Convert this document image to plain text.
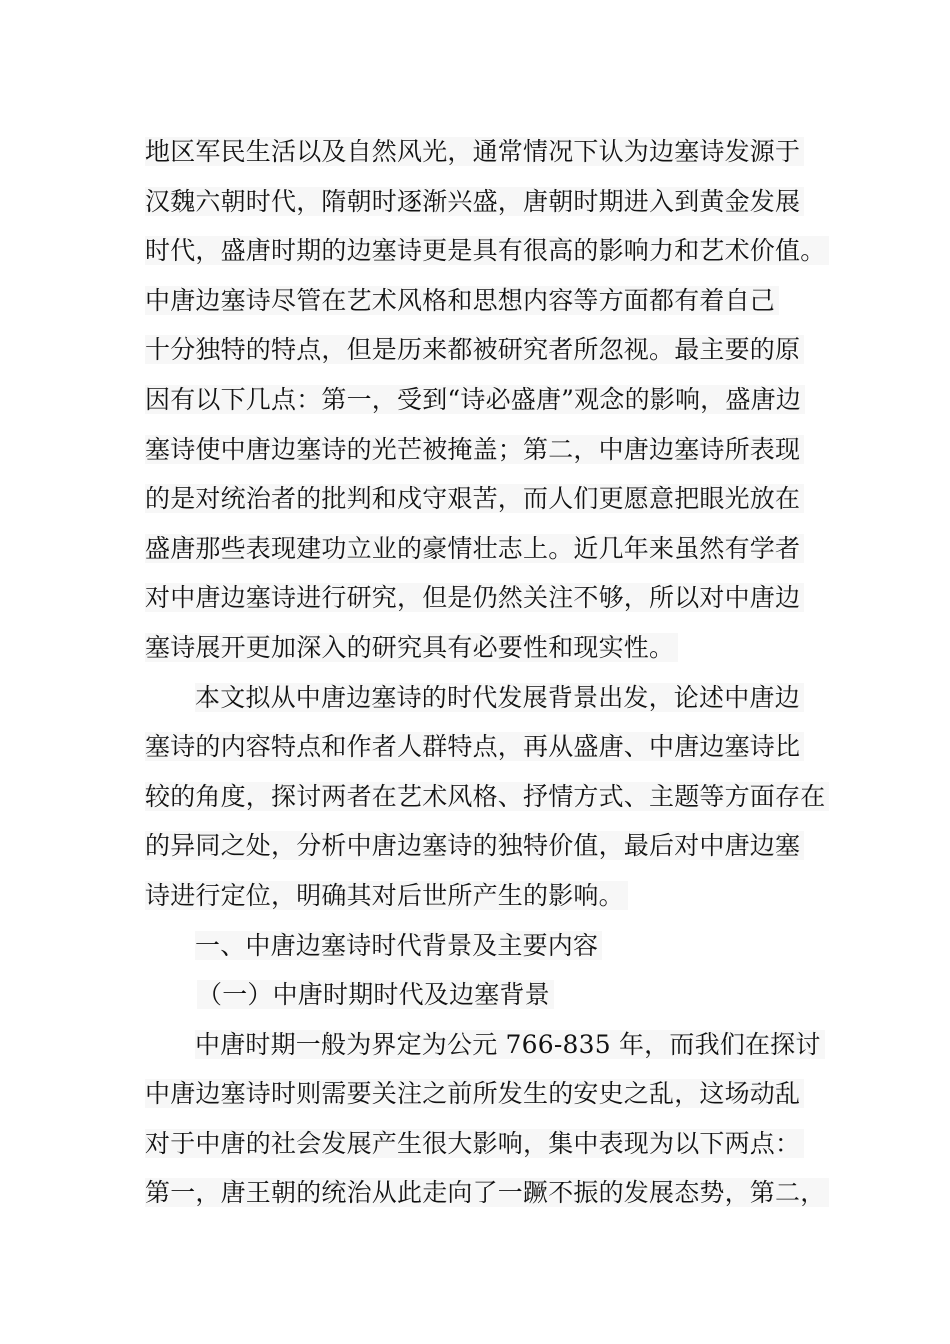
地区军民生活以及自然风光，通常情况下认为边塞诗发源于
汉魏六朝时代，隋朝时逐渐兴盛，唐朝时期进入到黄金发展
时代，盛唐时期的边塞诗更是具有很高的影响力和艺术价值。
中唐边塞诗尽管在艺术风格和思想内容等方面都有着自己
十分独特的特点，但是历来都被研究者所忽视。最主要的原
因有以下几点：第一，受到“诗必盛唐”观念的影响，盛唐边
塞诗使中唐边塞诗的光芒被掩盖；第二，中唐边塞诗所表现
的是对统治者的批判和戍守艰苦，而人们更愿意把眼光放在
盛唐那些表现建功立业的豪情壮志上。近几年来虽然有学者
对中唐边塞诗进行研究，但是仍然关注不够，所以对中唐边
塞诗展开更加深入的研究具有必要性和现实性。
本文拟从中唐边塞诗的时代发展背景出发，论述中唐边
塞诗的内容特点和作者人群特点，再从盛唐、中唐边塞诗比
较的角度，探讨两者在艺术风格、抒情方式、主题等方面存在
的异同之处，分析中唐边塞诗的独特价值，最后对中唐边塞
诗进行定位，明确其对后世所产生的影响。
一、中唐边塞诗时代背景及主要内容
（一）中唐时期时代及边塞背景
中唐时期一般为界定为公元 766-835 年，而我们在探讨
中唐边塞诗时则需要关注之前所发生的安史之乱，这场动乱
对于中唐的社会发展产生很大影响，集中表现为以下两点：
第一，唐王朝的统治从此走向了一蹶不振的发展态势，第二，
